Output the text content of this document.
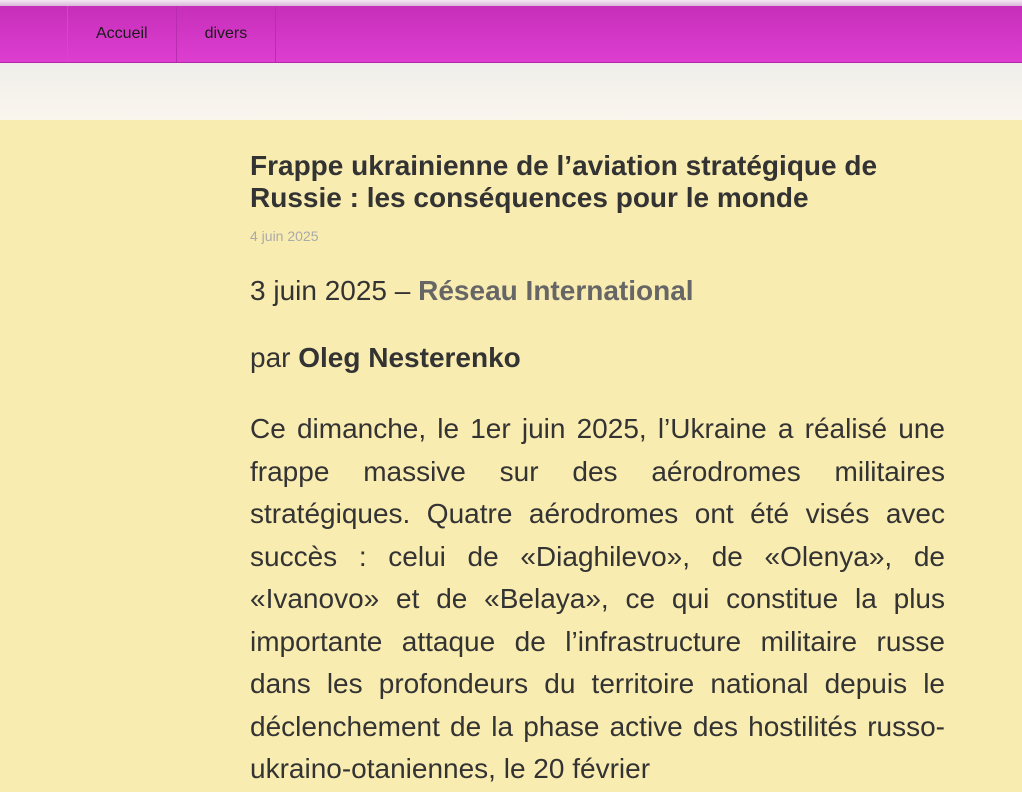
Accueil	divers
Frappe ukrainienne de l’aviation stratégique de Russie : les conséquences pour le monde
4 juin 2025

3 juin 2025 – Réseau International

par Oleg Nesterenko

Ce dimanche, le 1er juin 2025, l’Ukraine a réalisé une frappe massive sur des aérodromes militaires stratégiques. Quatre aérodromes ont été visés avec succès : celui de «Diaghilevo», de «Olenya», de «Ivanovo» et de «Belaya», ce qui constitue la plus importante attaque de l’infrastructure militaire russe dans les profondeurs du territoire national depuis le déclenchement de la phase active des hostilités russo-ukraino-otaniennes, le 20 février
